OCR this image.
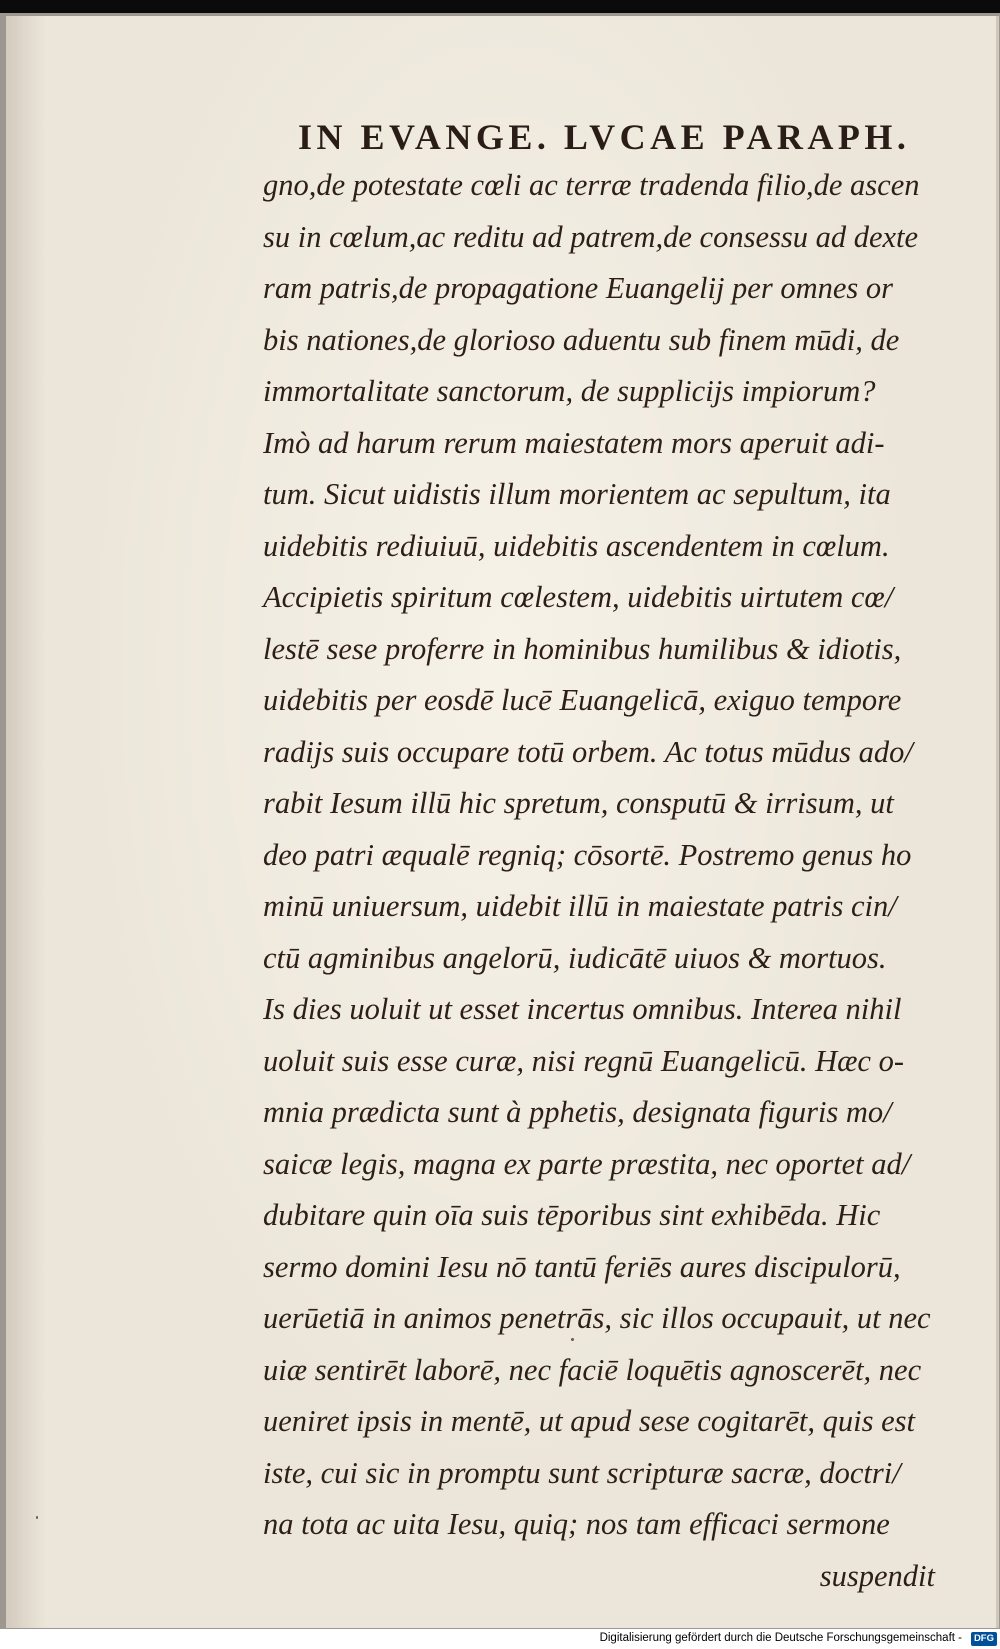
IN EVANGE. LVCAE PARAPH.
gno,de potestate cœli ac terræ tradenda filio,de ascen
su in cœlum,ac reditu ad patrem,de consessu ad dexte
ram patris,de propagatione Euangelij per omnes or
bis nationes,de glorioso aduentu sub finem mūdi, de
immortalitate sanctorum, de supplicijs impiorum?
Imò ad harum rerum maiestatem mors aperuit adi-
tum. Sicut uidistis illum morientem ac sepultum, ita
uidebitis rediuiuū, uidebitis ascendentem in cœlum.
Accipietis spiritum cœlestem, uidebitis uirtutem cœ/
lestē sese proferre in hominibus humilibus & idiotis,
uidebitis per eosdē lucē Euangelicā, exiguo tempore
radijs suis occupare totū orbem. Ac totus mūdus ado/
rabit Iesum illū hic spretum, consputū & irrisum, ut
deo patri æqualē regniq; cōsortē. Postremo genus ho
minū uniuersum, uidebit illū in maiestate patris cin/
ctū agminibus angelorū, iudicātē uiuos & mortuos.
Is dies uoluit ut esset incertus omnibus. Interea nihil
uoluit suis esse curæ, nisi regnū Euangelicū. Hæc o-
mnia prædicta sunt à pphetis, designata figuris mo/
saicæ legis, magna ex parte præstita, nec oportet ad/
dubitare quin oīa suis tēporibus sint exhibēda. Hic
sermo domini Iesu nō tantū feriēs aures discipulorū,
uerūetiā in animos penetrās, sic illos occupauit, ut nec
uiæ sentirēt laborē, nec faciē loquētis agnoscerēt, nec
ueniret ipsis in mentē, ut apud sese cogitarēt, quis est
iste, cui sic in promptu sunt scripturæ sacræ, doctri/
na tota ac uita Iesu, quiq; nos tam efficaci sermone
suspendit
Digitalisierung gefördert durch die Deutsche Forschungsgemeinschaft -	DFG
